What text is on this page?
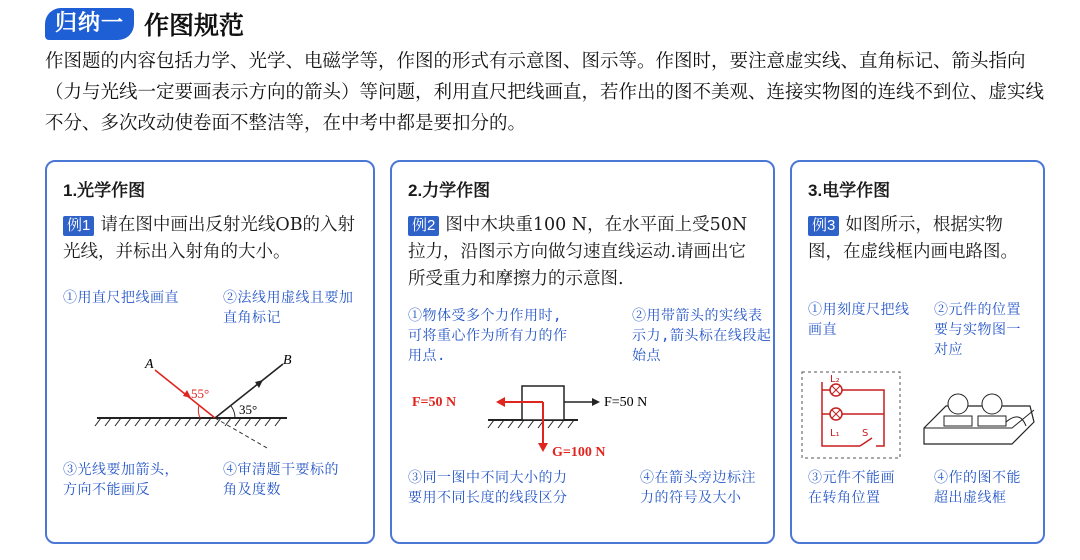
归纳一 作图规范
作图题的内容包括力学、光学、电磁学等，作图的形式有示意图、图示等。作图时，要注意虚实线、直角标记、箭头指向（力与光线一定要画表示方向的箭头）等问题，利用直尺把线画直，若作出的图不美观、连接实物图的连线不到位、虚实线不分、多次改动使卷面不整洁等，在中考中都是要扣分的。
1.光学作图
例1 请在图中画出反射光线OB的入射光线，并标出入射角的大小。
①用直尺把线画直	②法线用虚线且要加直角标记
A	B
55°
35°
③光线要加箭头，方向不能画反
④审清题干要标的角及度数
2.力学作图
例2 图中木块重100 N，在水平面上受50N拉力，沿图示方向做匀速直线运动.请画出它所受重力和摩擦力的示意图.
①物体受多个力作用时,可将重心作为所有力的作用点.
②用带箭头的实线表示力,箭头标在线段起始点
F=50 N	F=50 N
G=100 N
③同一图中不同大小的力要用不同长度的线段区分
④在箭头旁边标注力的符号及大小
3.电学作图
例3 如图所示，根据实物图，在虚线框内画电路图。
①用刻度尺把线画直
②元件的位置要与实物图一对应
L₂
L₁ S
③元件不能画在转角位置
④作的图不能超出虚线框
